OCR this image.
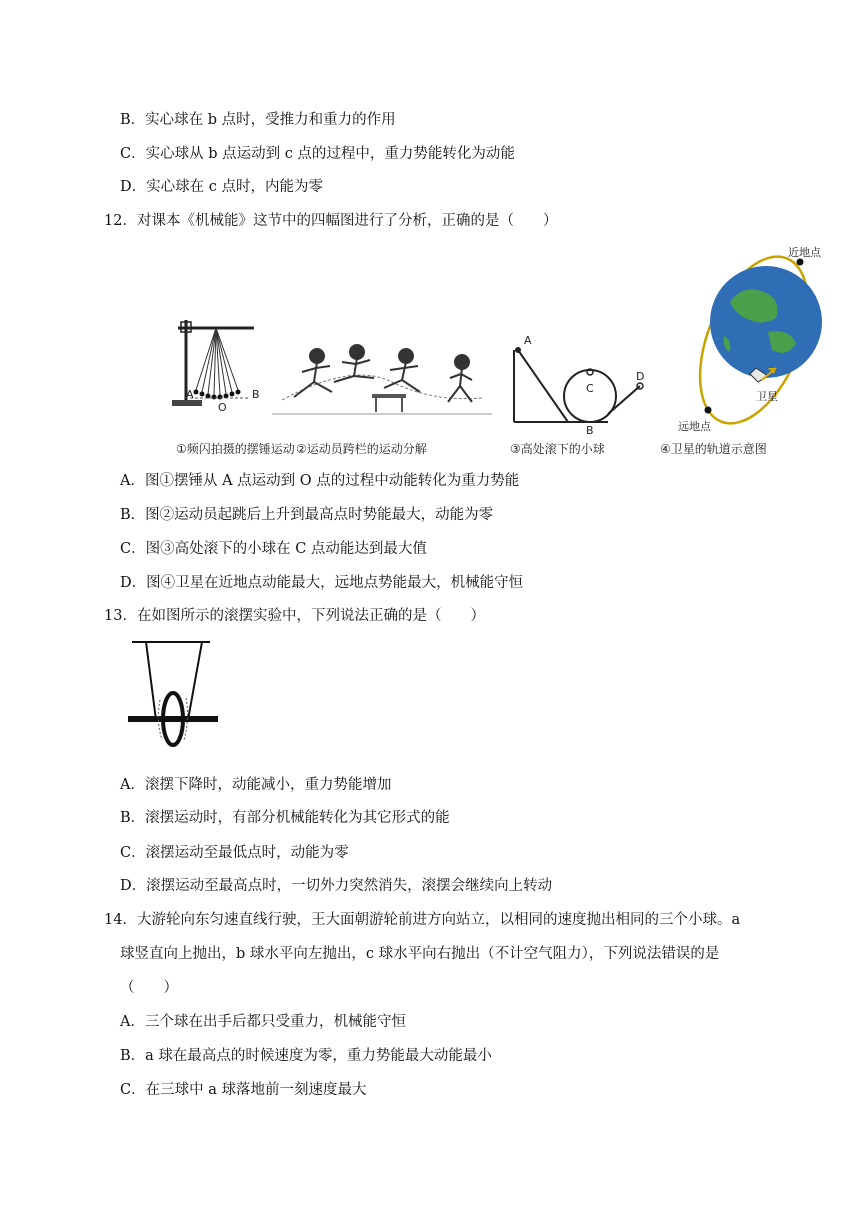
B．实心球在 b 点时，受推力和重力的作用
C．实心球从 b 点运动到 c 点的过程中，重力势能转化为动能
D．实心球在 c 点时，内能为零
12．对课本《机械能》这节中的四幅图进行了分析，正确的是（　　）
A
O
B
A
C
B
D
近地点
远地点
卫星
①频闪拍摄的摆锤运动 ②运动员跨栏的运动分解	③高处滚下的小球	④卫星的轨道示意图
A．图①摆锤从 A 点运动到 O 点的过程中动能转化为重力势能
B．图②运动员起跳后上升到最高点时势能最大，动能为零
C．图③高处滚下的小球在 C 点动能达到最大值
D．图④卫星在近地点动能最大，远地点势能最大，机械能守恒
13．在如图所示的滚摆实验中，下列说法正确的是（　　）
A．滚摆下降时，动能减小，重力势能增加
B．滚摆运动时，有部分机械能转化为其它形式的能
C．滚摆运动至最低点时，动能为零
D．滚摆运动至最高点时，一切外力突然消失，滚摆会继续向上转动
14．大游轮向东匀速直线行驶，王大面朝游轮前进方向站立，以相同的速度抛出相同的三个小球。a
球竖直向上抛出，b 球水平向左抛出，c 球水平向右抛出（不计空气阻力），下列说法错误的是
（　　）
A．三个球在出手后都只受重力，机械能守恒
B．a 球在最高点的时候速度为零，重力势能最大动能最小
C．在三球中 a 球落地前一刻速度最大
